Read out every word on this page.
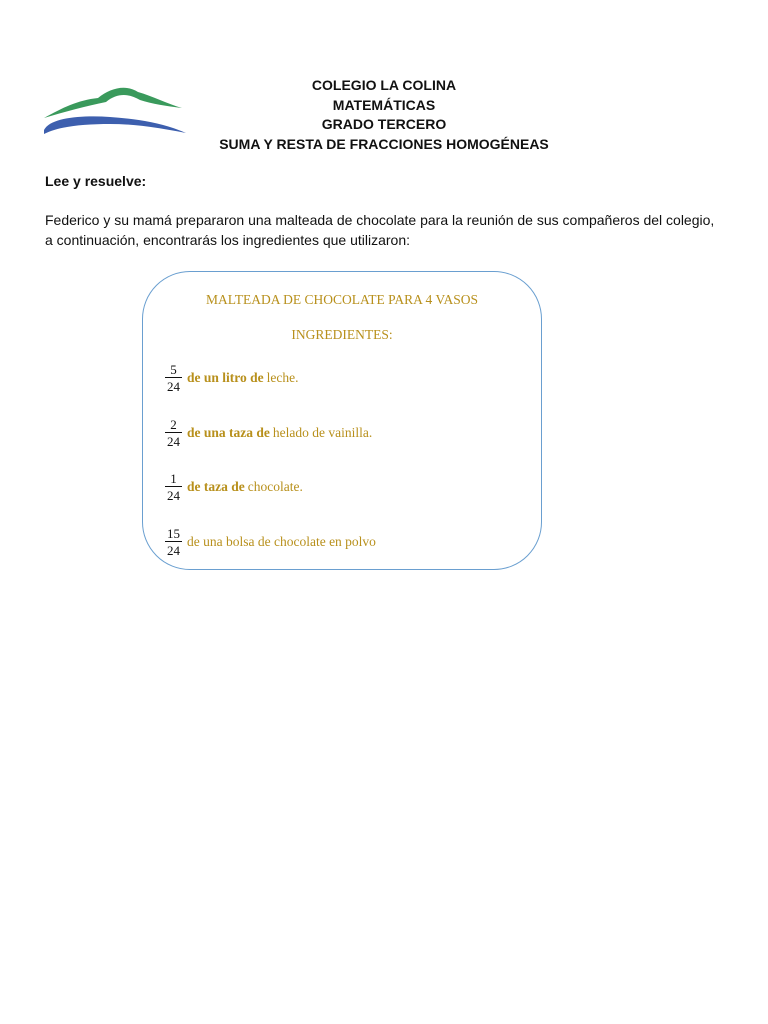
COLEGIO LA COLINA
MATEMÁTICAS
GRADO TERCERO
SUMA Y RESTA DE FRACCIONES HOMOGÉNEAS
Lee y resuelve:
Federico y su mamá prepararon una malteada de chocolate para la reunión de sus compañeros del colegio, a continuación, encontrarás los ingredientes que utilizaron:
MALTEADA DE CHOCOLATE PARA 4 VASOS
INGREDIENTES:
$\frac{5}{24}$ de un litro de leche.
$\frac{2}{24}$ de una taza de helado de vainilla.
$\frac{1}{24}$ de taza de chocolate.
$\frac{15}{24}$ de una bolsa de chocolate en polvo
